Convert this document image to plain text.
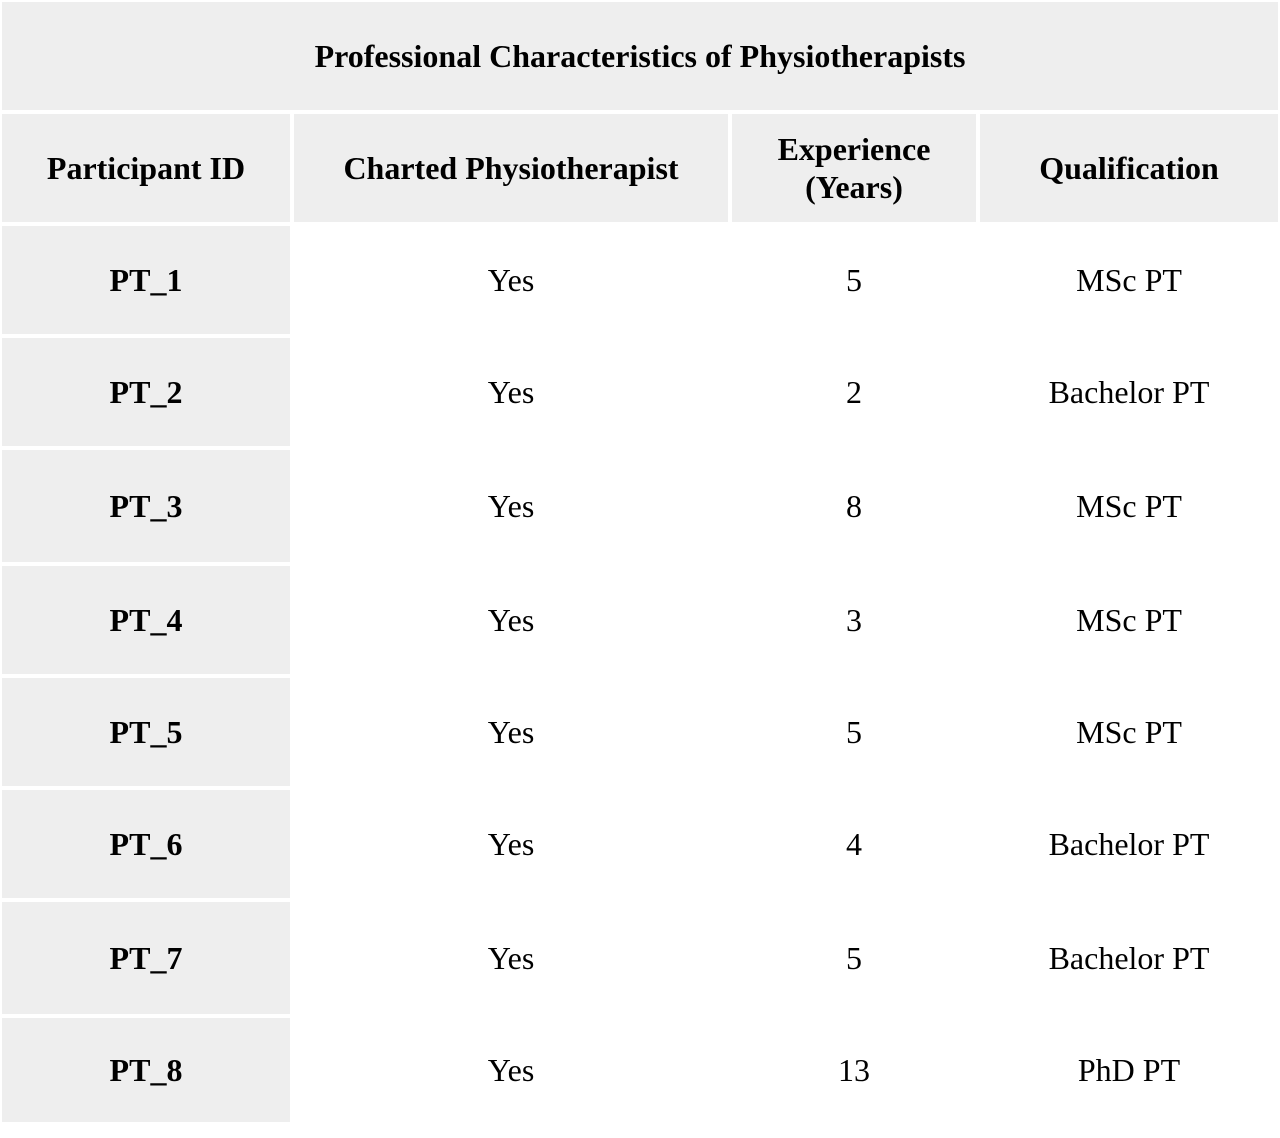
Professional Characteristics of Physiotherapists			
Participant ID	Charted Physiotherapist	Experience (Years)	Qualification
PT_1	Yes	5	MSc PT
PT_2	Yes	2	Bachelor PT
PT_3	Yes	8	MSc PT
PT_4	Yes	3	MSc PT
PT_5	Yes	5	MSc PT
PT_6	Yes	4	Bachelor PT
PT_7	Yes	5	Bachelor PT
PT_8	Yes	13	PhD PT
